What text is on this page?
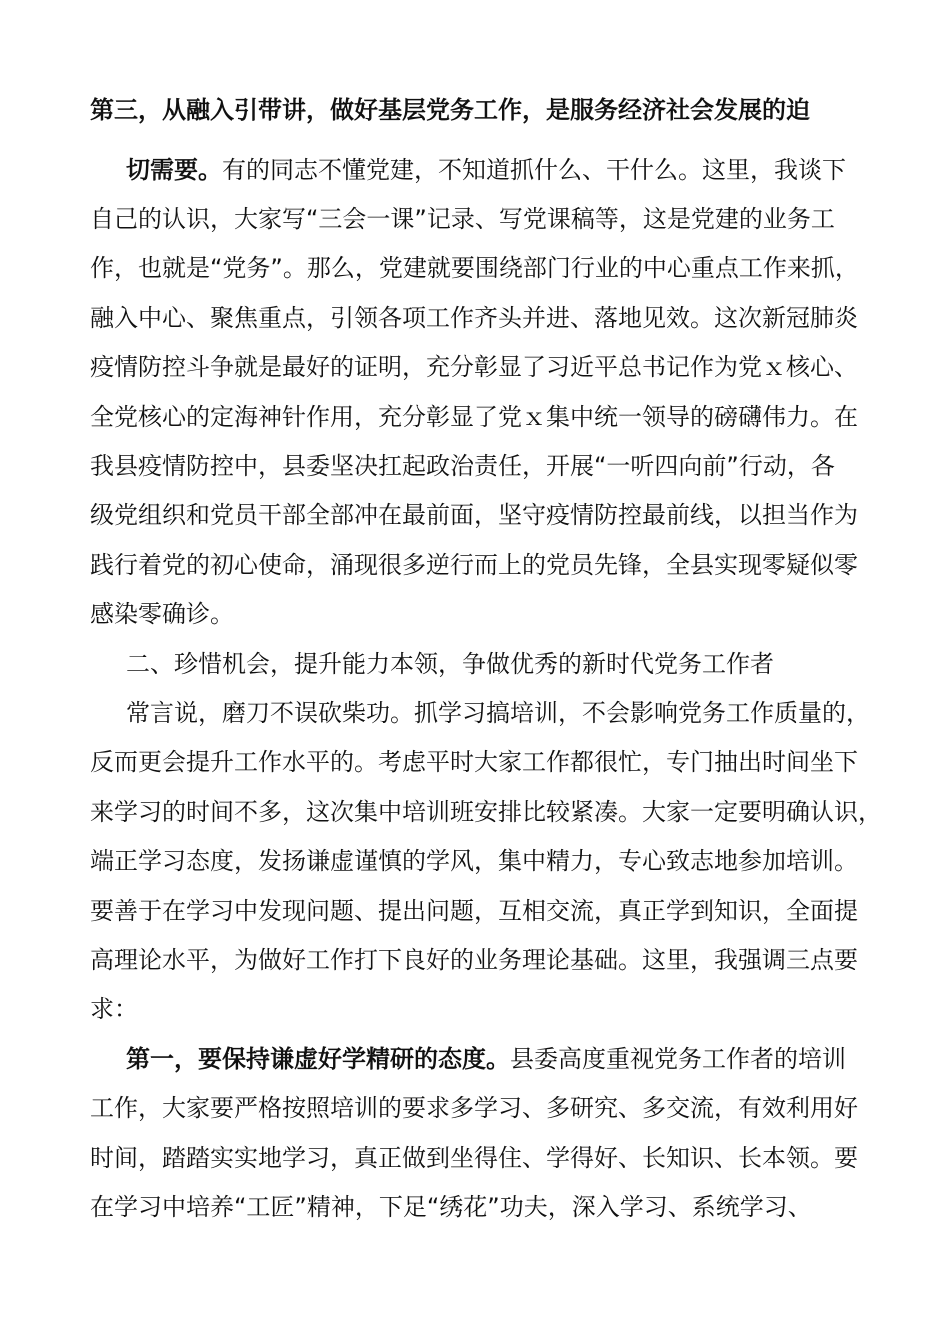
第三，从融入引带讲，做好基层党务工作，是服务经济社会发展的迫
切需要。有的同志不懂党建，不知道抓什么、干什么。这里，我谈下
自己的认识，大家写“三会一课”记录、写党课稿等，这是党建的业务工
作，也就是“党务”。那么，党建就要围绕部门行业的中心重点工作来抓，
融入中心、聚焦重点，引领各项工作齐头并进、落地见效。这次新冠肺炎
疫情防控斗争就是最好的证明，充分彰显了习近平总书记作为党ｘ核心、
全党核心的定海神针作用，充分彰显了党ｘ集中统一领导的磅礴伟力。在
我县疫情防控中，县委坚决扛起政治责任，开展“一听四向前”行动，各
级党组织和党员干部全部冲在最前面，坚守疫情防控最前线，以担当作为
践行着党的初心使命，涌现很多逆行而上的党员先锋，全县实现零疑似零
感染零确诊。
二、珍惜机会，提升能力本领，争做优秀的新时代党务工作者
常言说，磨刀不误砍柴功。抓学习搞培训，不会影响党务工作质量的，
反而更会提升工作水平的。考虑平时大家工作都很忙，专门抽出时间坐下
来学习的时间不多，这次集中培训班安排比较紧凑。大家一定要明确认识，
端正学习态度，发扬谦虚谨慎的学风，集中精力，专心致志地参加培训。
要善于在学习中发现问题、提出问题，互相交流，真正学到知识，全面提
高理论水平，为做好工作打下良好的业务理论基础。这里，我强调三点要
求：
第一，要保持谦虚好学精研的态度。县委高度重视党务工作者的培训
工作，大家要严格按照培训的要求多学习、多研究、多交流，有效利用好
时间，踏踏实实地学习，真正做到坐得住、学得好、长知识、长本领。要
在学习中培养“工匠”精神，下足“绣花”功夫，深入学习、系统学习、
